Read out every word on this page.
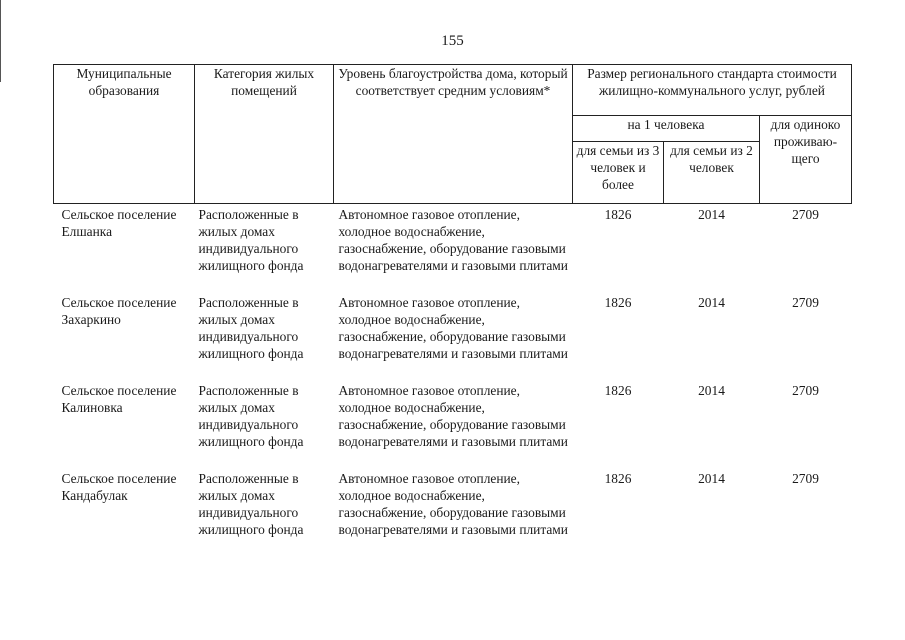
155
Муниципальные образования	Категория жилых помещений	Уровень благоустройства дома, который соответствует средним условиям*	Размер регионального стандарта стоимости жилищно-коммунального услуг, рублей		
			на 1 человека		для одиноко проживаю-щего
			для семьи из 3 человек и более	для семьи из 2 человек	
Сельское поселение Елшанка	Расположенные в жилых домах индивидуального жилищного фонда	Автономное газовое отопление, холодное водоснабжение, газоснабжение, оборудование газовыми водонагревателями и газовыми плитами	1826	2014	2709
Сельское поселение Захаркино	Расположенные в жилых домах индивидуального жилищного фонда	Автономное газовое отопление, холодное водоснабжение, газоснабжение, оборудование газовыми водонагревателями и газовыми плитами	1826	2014	2709
Сельское поселение Калиновка	Расположенные в жилых домах индивидуального жилищного фонда	Автономное газовое отопление, холодное водоснабжение, газоснабжение, оборудование газовыми водонагревателями и газовыми плитами	1826	2014	2709
Сельское поселение Кандабулак	Расположенные в жилых домах индивидуального жилищного фонда	Автономное газовое отопление, холодное водоснабжение, газоснабжение, оборудование газовыми водонагревателями и газовыми плитами	1826	2014	2709
